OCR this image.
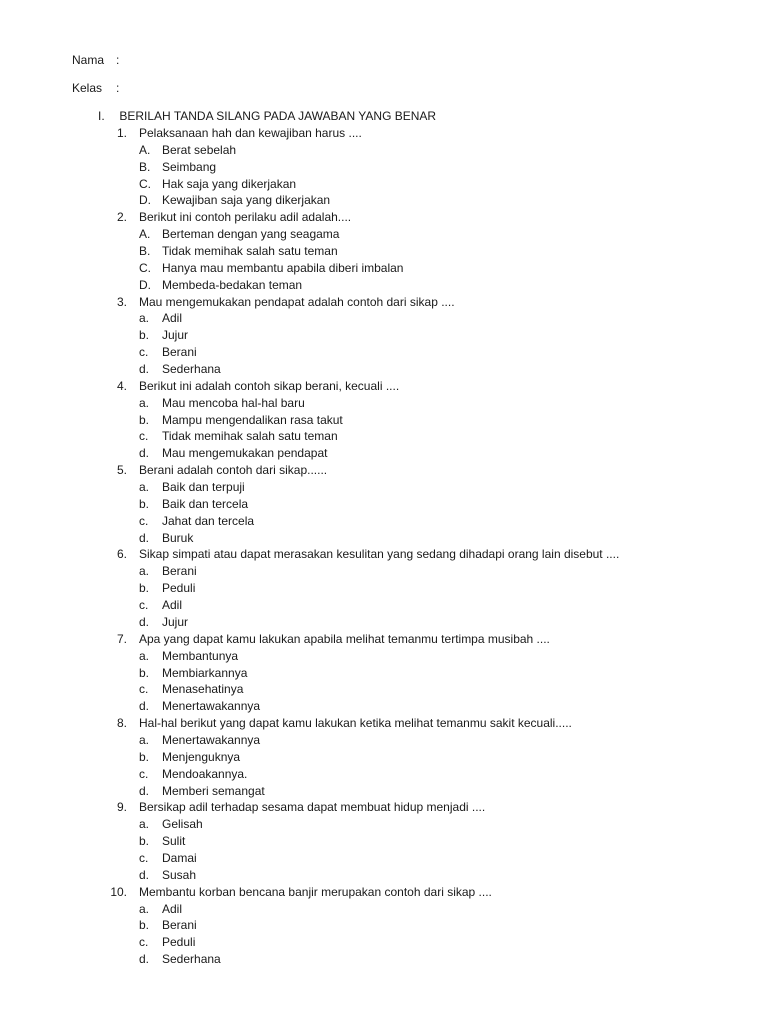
Nama :
Kelas :
I. BERILAH TANDA SILANG PADA JAWABAN YANG BENAR
1. Pelaksanaan hah dan kewajiban harus ....
A. Berat sebelah
B. Seimbang
C. Hak saja yang dikerjakan
D. Kewajiban saja yang dikerjakan
2. Berikut ini contoh perilaku adil adalah....
A. Berteman dengan yang seagama
B. Tidak memihak salah satu teman
C. Hanya mau membantu apabila diberi imbalan
D. Membeda-bedakan teman
3. Mau mengemukakan pendapat adalah contoh dari sikap ....
a. Adil
b. Jujur
c. Berani
d. Sederhana
4. Berikut ini adalah contoh sikap berani, kecuali ....
a. Mau mencoba hal-hal baru
b. Mampu mengendalikan rasa takut
c. Tidak memihak salah satu teman
d. Mau mengemukakan pendapat
5. Berani adalah contoh dari sikap......
a. Baik dan terpuji
b. Baik dan tercela
c. Jahat dan tercela
d. Buruk
6. Sikap simpati atau dapat merasakan kesulitan yang sedang dihadapi orang lain disebut ....
a. Berani
b. Peduli
c. Adil
d. Jujur
7. Apa yang dapat kamu lakukan apabila melihat temanmu tertimpa musibah ....
a. Membantunya
b. Membiarkannya
c. Menasehatinya
d. Menertawakannya
8. Hal-hal berikut yang dapat kamu lakukan ketika melihat temanmu sakit kecuali.....
a. Menertawakannya
b. Menjenguknya
c. Mendoakannya.
d. Memberi semangat
9. Bersikap adil terhadap sesama dapat membuat hidup menjadi ....
a. Gelisah
b. Sulit
c. Damai
d. Susah
10. Membantu korban bencana banjir merupakan contoh dari sikap ....
a. Adil
b. Berani
c. Peduli
d. Sederhana
